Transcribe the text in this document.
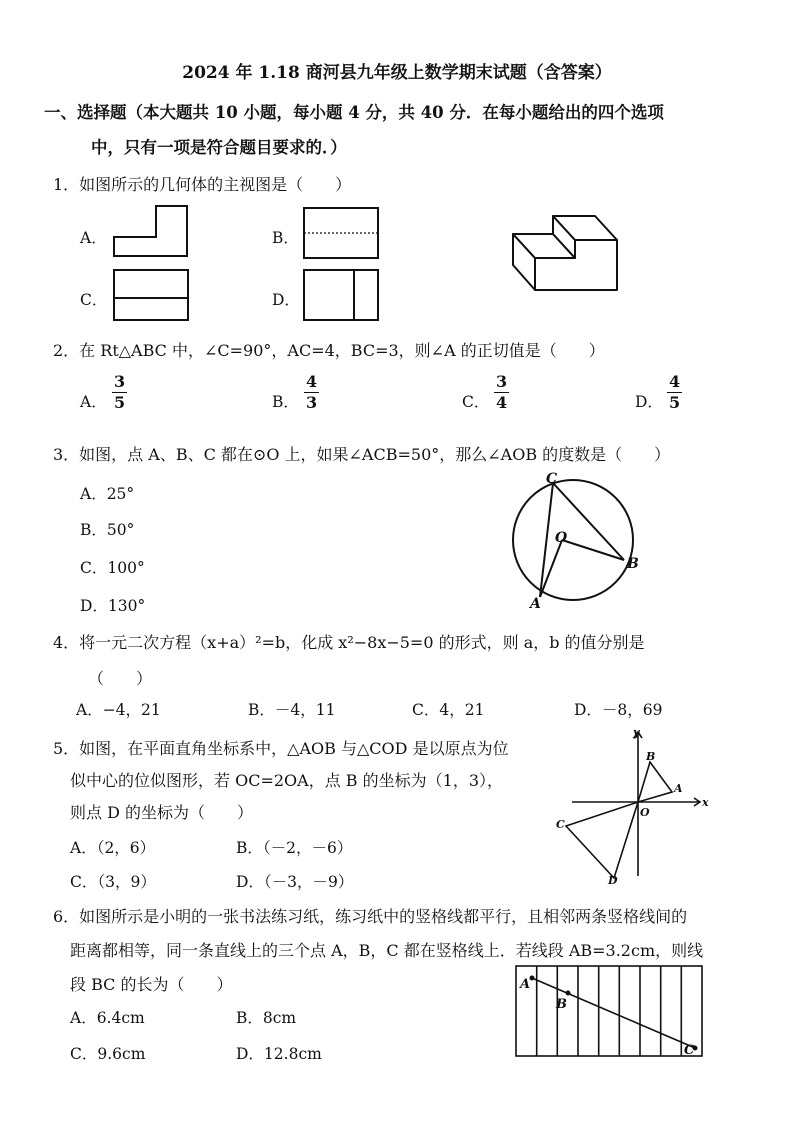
2024 年 1.18 商河县九年级上数学期末试题（含答案）
一、选择题（本大题共 10 小题，每小题 4 分，共 40 分．在每小题给出的四个选项
中，只有一项是符合题目要求的．）
1．如图所示的几何体的主视图是（　　）
A．	B．
C．	D．
2．在 Rt△ABC 中，∠C=90°，AC=4，BC=3，则∠A 的正切值是（　　）
A． $\frac{3}{5}$	B． $\frac{4}{3}$	C． $\frac{3}{4}$	D． $\frac{4}{5}$
3．如图，点 A、B、C 都在⊙O 上，如果∠ACB=50°，那么∠AOB 的度数是（　　）
A．25°
B．50°
C．100°
D．130°
C
O
B
A
4．将一元二次方程（x+a）²=b，化成 x²−8x−5=0 的形式，则 a，b 的值分别是
（　　）
A．−4，21	B．－4，11	C．4，21	D．－8，69
5．如图，在平面直角坐标系中，△AOB 与△COD 是以原点为位
似中心的位似图形，若 OC=2OA，点 B 的坐标为（1，3），
则点 D 的坐标为（　　）
A．（2，6）	B．（－2，－6）
C．（3，9）	D．（－3，－9）
y
x
O
A
B
C
D
6．如图所示是小明的一张书法练习纸，练习纸中的竖格线都平行，且相邻两条竖格线间的
距离都相等，同一条直线上的三个点 A，B，C 都在竖格线上．若线段 AB=3.2cm，则线
段 BC 的长为（　　）
A．6.4cm	B．8cm
C．9.6cm	D．12.8cm
A
B
C
